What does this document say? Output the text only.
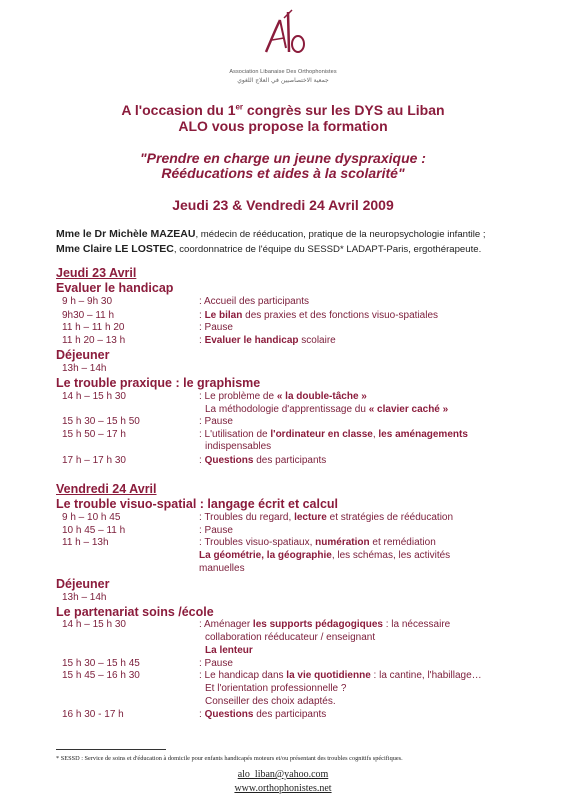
Association Libanaise Des Orthophonistes
جمعية الاختصاصيين في العلاج اللغوي
A l'occasion du 1er congrès sur les DYS au Liban
ALO vous propose la formation
"Prendre en charge un jeune dyspraxique :
Rééducations et aides à la scolarité"
Jeudi 23 & Vendredi 24 Avril 2009
Mme le Dr Michèle MAZEAU, médecin de rééducation, pratique de la neuropsychologie infantile ;
Mme Claire LE LOSTEC, coordonnatrice de l'équipe du SESSD* LADAPT-Paris, ergothérapeute.
Jeudi 23 Avril
Evaluer le handicap
9 h – 9h 30	: Accueil des participants
9h30 – 11 h	: Le bilan des praxies et des fonctions visuo-spatiales
11 h – 11 h 20	: Pause
11 h 20 – 13 h	: Evaluer le handicap scolaire
Déjeuner
13h – 14h
Le trouble praxique : le graphisme
14 h – 15 h 30	: Le problème de « la double-tâche »
La méthodologie d'apprentissage du « clavier caché »
15 h 30 – 15 h 50	: Pause
15 h 50 – 17 h	: L'utilisation de l'ordinateur en classe, les aménagements
indispensables
17 h – 17 h 30	: Questions des participants
Vendredi 24 Avril
Le trouble visuo-spatial : langage écrit et calcul
9 h – 10 h 45	: Troubles du regard, lecture et stratégies de rééducation
10 h 45 – 11 h	: Pause
11 h – 13h	: Troubles visuo-spatiaux, numération et remédiation
La géométrie, la géographie, les schémas, les activités
manuelles
Déjeuner
13h – 14h
Le partenariat soins /école
14 h – 15 h 30	: Aménager les supports pédagogiques : la nécessaire
collaboration rééducateur / enseignant
La lenteur
15 h 30 – 15 h 45	: Pause
15 h 45 – 16 h 30	: Le handicap dans la vie quotidienne : la cantine, l'habillage…
Et l'orientation professionnelle ?
Conseiller des choix adaptés.
16 h 30 - 17 h	: Questions des participants
* SESSD : Service de soins et d'éducation à domicile pour enfants handicapés moteurs et/ou présentant des troubles cognitifs spécifiques.
alo_liban@yahoo.com
www.orthophonistes.net
